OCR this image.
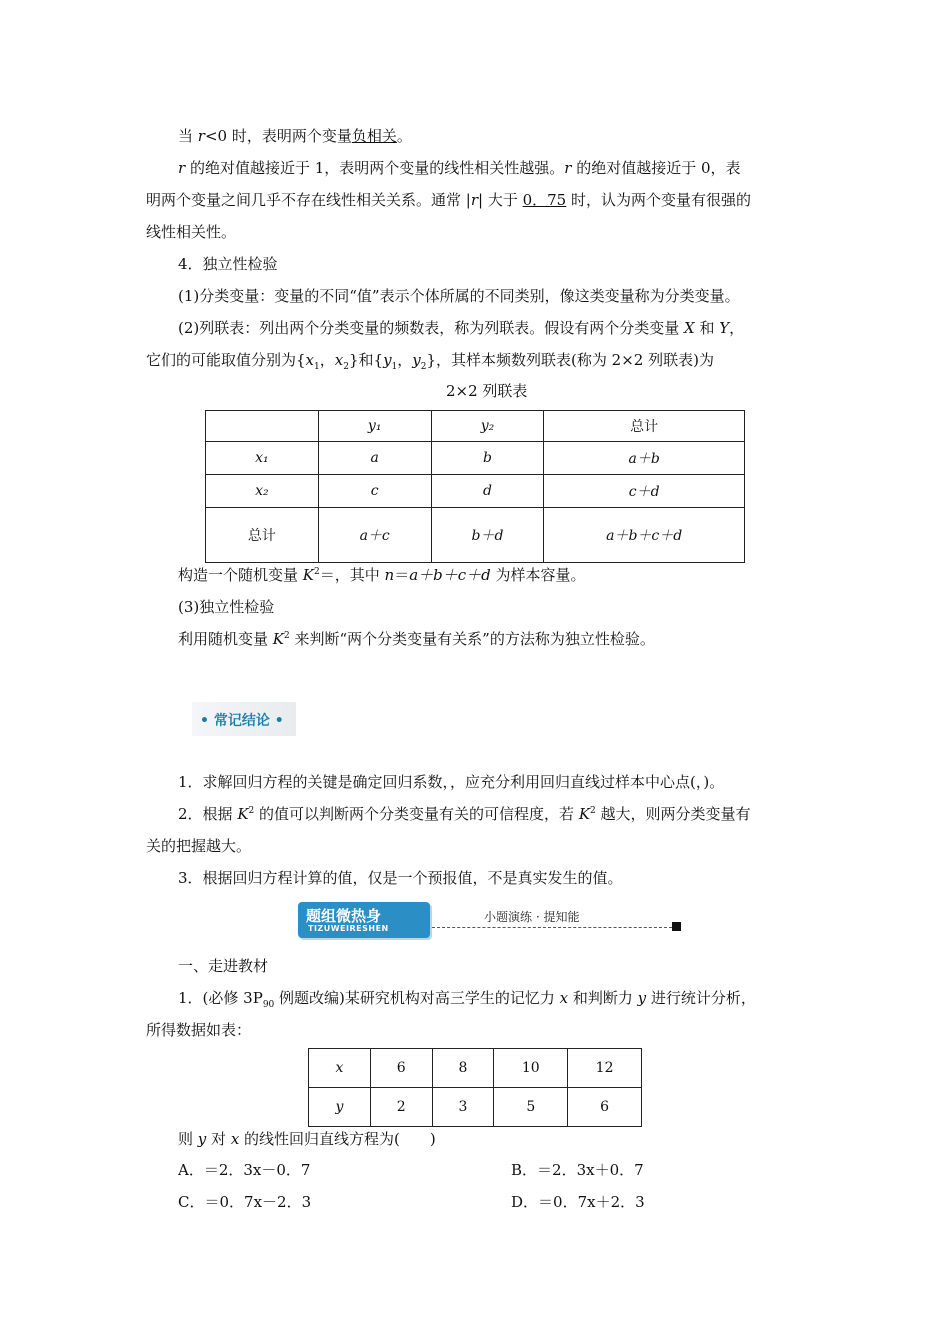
当 r<0 时，表明两个变量负相关。
r 的绝对值越接近于 1，表明两个变量的线性相关性越强。r 的绝对值越接近于 0，表
明两个变量之间几乎不存在线性相关关系。通常 |r| 大于 0．75 时，认为两个变量有很强的
线性相关性。
4．独立性检验
(1)分类变量：变量的不同“值”表示个体所属的不同类别，像这类变量称为分类变量。
(2)列联表：列出两个分类变量的频数表，称为列联表。假设有两个分类变量 X 和 Y，
它们的可能取值分别为{$x_1$，$x_2$}和{$y_1$，$y_2$}，其样本频数列联表(称为 2×2 列联表)为
2×2 列联表
	y₁	y₂	总计
x₁	a	b	a＋b
x₂	c	d	c＋d
总计	a＋c	b＋d	a＋b＋c＋d
构造一个随机变量 $K^2=$，其中 n＝a＋b＋c＋d 为样本容量。
(3)独立性检验
利用随机变量 $K^2$ 来判断“两个分类变量有关系”的方法称为独立性检验。
• 常记结论 •
1．求解回归方程的关键是确定回归系数，，应充分利用回归直线过样本中心点(，)。
2．根据 $K^2$ 的值可以判断两个分类变量有关的可信程度，若 $K^2$ 越大，则两分类变量有
关的把握越大。
3．根据回归方程计算的值，仅是一个预报值，不是真实发生的值。
题组微热身
TIZUWEIRESHEN
小题演练 · 提知能
一、走进教材
1．(必修 $3P_{90}$ 例题改编)某研究机构对高三学生的记忆力 x 和判断力 y 进行统计分析，
所得数据如表：
x	6	8	10	12
y	2	3	5	6
则 y 对 x 的线性回归直线方程为(　　)
A．＝2．3x－0．7	B．＝2．3x＋0．7
C．＝0．7x－2．3	D．＝0．7x＋2．3
